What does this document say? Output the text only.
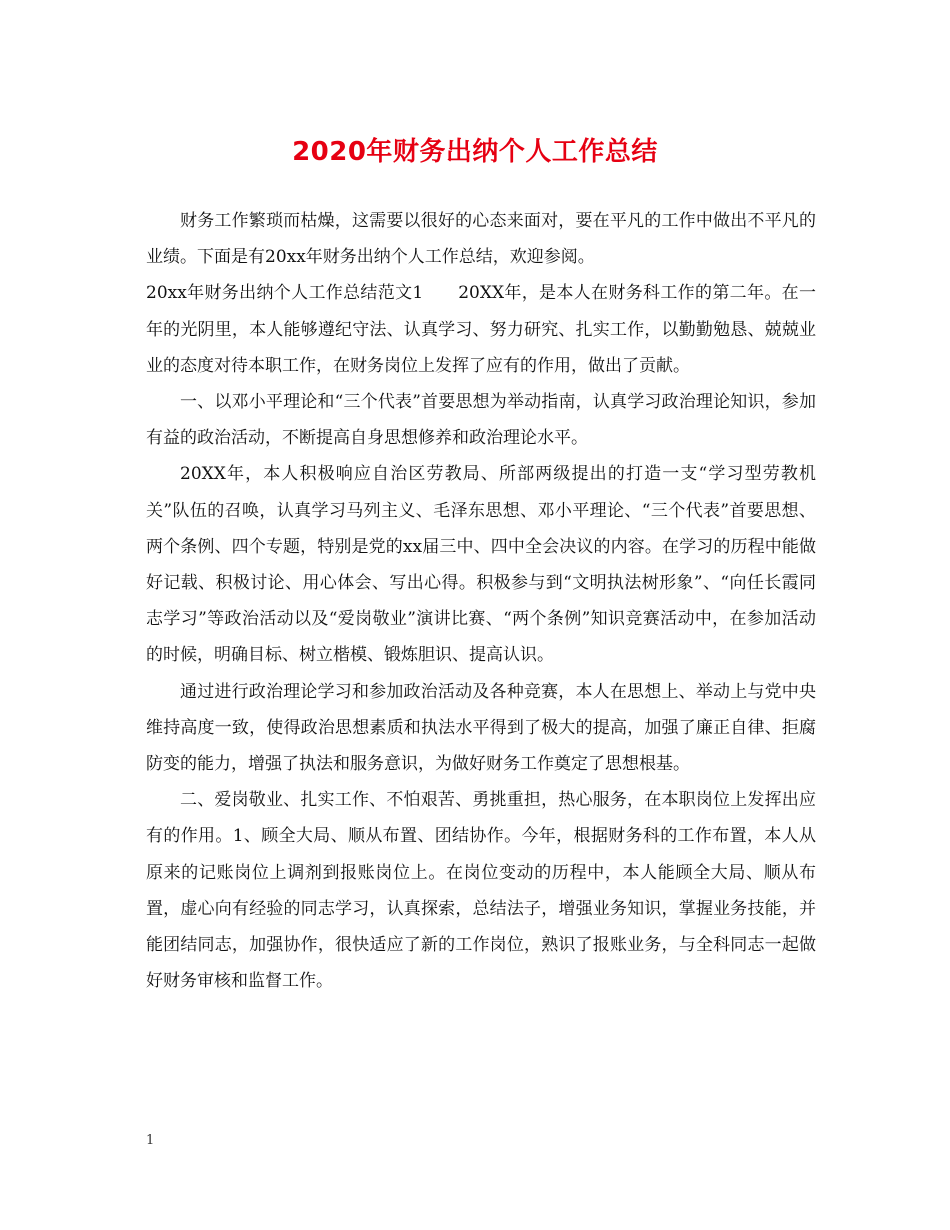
2020年财务出纳个人工作总结

财务工作繁琐而枯燥，这需要以很好的心态来面对，要在平凡的工作中做出不平凡的业绩。下面是有20xx年财务出纳个人工作总结，欢迎参阅。

20xx年财务出纳个人工作总结范文1　　20XX年，是本人在财务科工作的第二年。在一年的光阴里，本人能够遵纪守法、认真学习、努力研究、扎实工作，以勤勤勉恳、兢兢业业的态度对待本职工作，在财务岗位上发挥了应有的作用，做出了贡献。

一、以邓小平理论和“三个代表”首要思想为举动指南，认真学习政治理论知识，参加有益的政治活动，不断提高自身思想修养和政治理论水平。

20XX年，本人积极响应自治区劳教局、所部两级提出的打造一支“学习型劳教机关”队伍的召唤，认真学习马列主义、毛泽东思想、邓小平理论、“三个代表”首要思想、两个条例、四个专题，特别是党的xx届三中、四中全会决议的内容。在学习的历程中能做好记载、积极讨论、用心体会、写出心得。积极参与到“文明执法树形象”、“向任长霞同志学习”等政治活动以及“爱岗敬业”演讲比赛、“两个条例”知识竞赛活动中，在参加活动的时候，明确目标、树立楷模、锻炼胆识、提高认识。

通过进行政治理论学习和参加政治活动及各种竞赛，本人在思想上、举动上与党中央维持高度一致，使得政治思想素质和执法水平得到了极大的提高，加强了廉正自律、拒腐防变的能力，增强了执法和服务意识，为做好财务工作奠定了思想根基。

二、爱岗敬业、扎实工作、不怕艰苦、勇挑重担，热心服务，在本职岗位上发挥出应有的作用。1、顾全大局、顺从布置、团结协作。今年，根据财务科的工作布置，本人从原来的记账岗位上调剂到报账岗位上。在岗位变动的历程中，本人能顾全大局、顺从布置，虚心向有经验的同志学习，认真探索，总结法子，增强业务知识，掌握业务技能，并能团结同志，加强协作，很快适应了新的工作岗位，熟识了报账业务，与全科同志一起做好财务审核和监督工作。

1
